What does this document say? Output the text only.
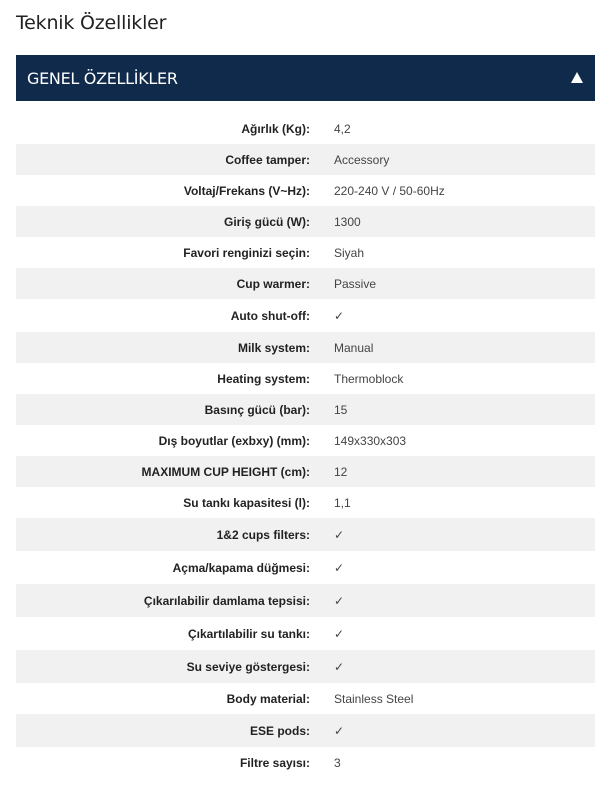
Teknik Özellikler
GENEL ÖZELLİKLER
Ağırlık (Kg):	4,2
Coffee tamper:	Accessory
Voltaj/Frekans (V~Hz):	220-240 V / 50-60Hz
Giriş gücü (W):	1300
Favori renginizi seçin:	Siyah
Cup warmer:	Passive
Auto shut-off:	✓
Milk system:	Manual
Heating system:	Thermoblock
Basınç gücü (bar):	15
Dış boyutlar (exbxy) (mm):	149x330x303
MAXIMUM CUP HEIGHT (cm):	12
Su tankı kapasitesi (l):	1,1
1&2 cups filters:	✓
Açma/kapama düğmesi:	✓
Çıkarılabilir damlama tepsisi:	✓
Çıkartılabilir su tankı:	✓
Su seviye göstergesi:	✓
Body material:	Stainless Steel
ESE pods:	✓
Filtre sayısı:	3
